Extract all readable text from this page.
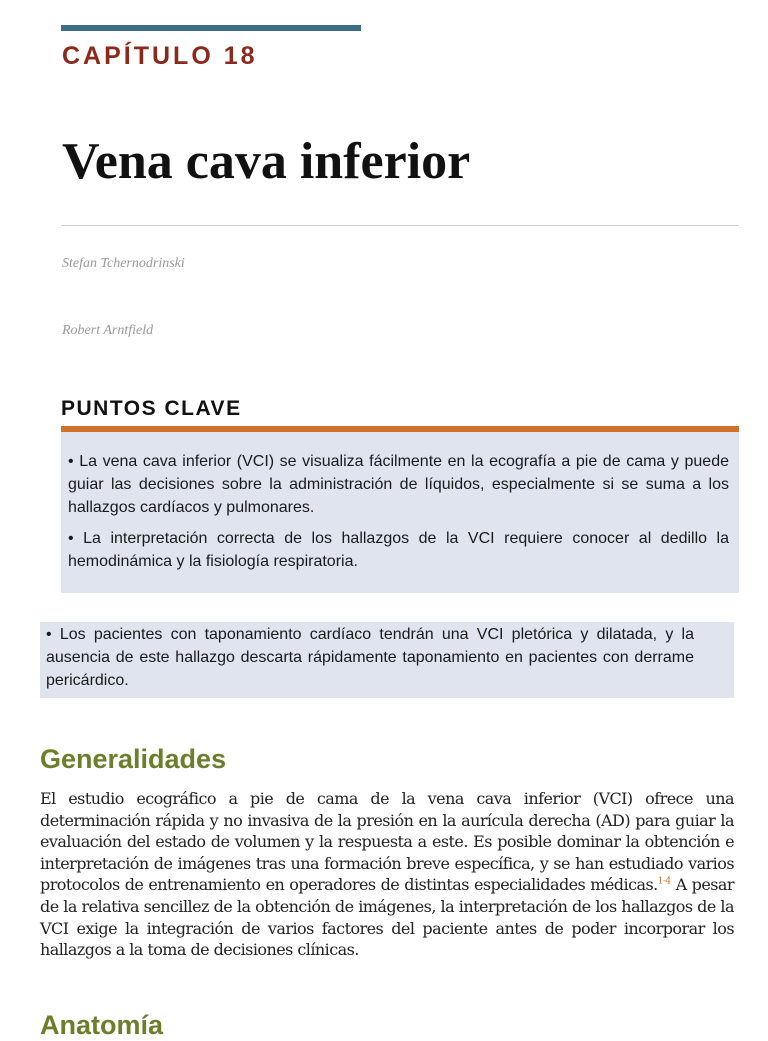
CAPÍTULO 18
Vena cava inferior

Stefan Tchernodrinski

Robert Arntfield

PUNTOS CLAVE

• La vena cava inferior (VCI) se visualiza fácilmente en la ecografía a pie de cama y puede guiar las decisiones sobre la administración de líquidos, especialmente si se suma a los hallazgos cardíacos y pulmonares.

• La interpretación correcta de los hallazgos de la VCI requiere conocer al dedillo la hemodinámica y la fisiología respiratoria.

• Los pacientes con taponamiento cardíaco tendrán una VCI pletórica y dilatada, y la ausencia de este hallazgo descarta rápidamente taponamiento en pacientes con derrame pericárdico.

Generalidades

El estudio ecográfico a pie de cama de la vena cava inferior (VCI) ofrece una determinación rápida y no invasiva de la presión en la aurícula derecha (AD) para guiar la evaluación del estado de volumen y la respuesta a este. Es posible dominar la obtención e interpretación de imágenes tras una formación breve específica, y se han estudiado varios protocolos de entrenamiento en operadores de distintas especialidades médicas.$^{1-4}$ A pesar de la relativa sencillez de la obtención de imágenes, la interpretación de los hallazgos de la VCI exige la integración de varios factores del paciente antes de poder incorporar los hallazgos a la toma de decisiones clínicas.

Anatomía
